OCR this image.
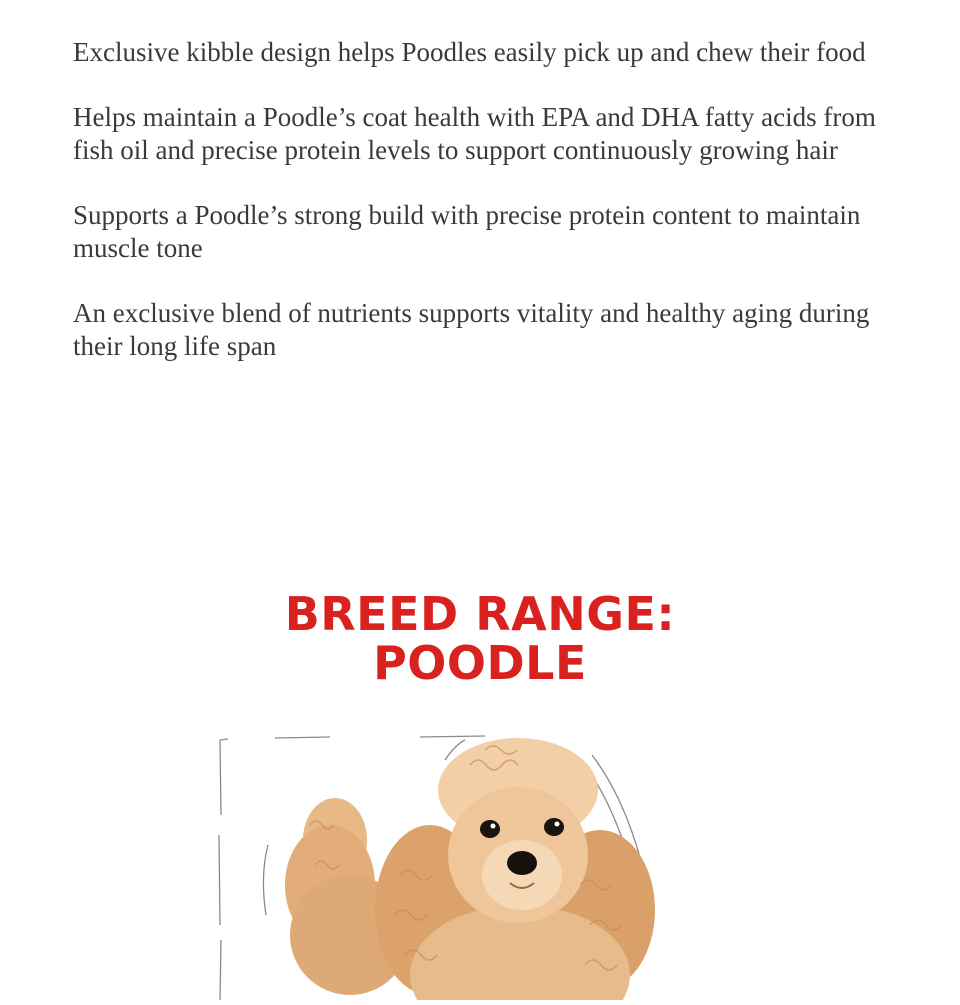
Exclusive kibble design helps Poodles easily pick up and chew their food

Helps maintain a Poodle’s coat health with EPA and DHA fatty acids from fish oil and precise protein levels to support continuously growing hair

Supports a Poodle’s strong build with precise protein content to maintain muscle tone

An exclusive blend of nutrients supports vitality and healthy aging during their long life span

BREED RANGE:
POODLE
